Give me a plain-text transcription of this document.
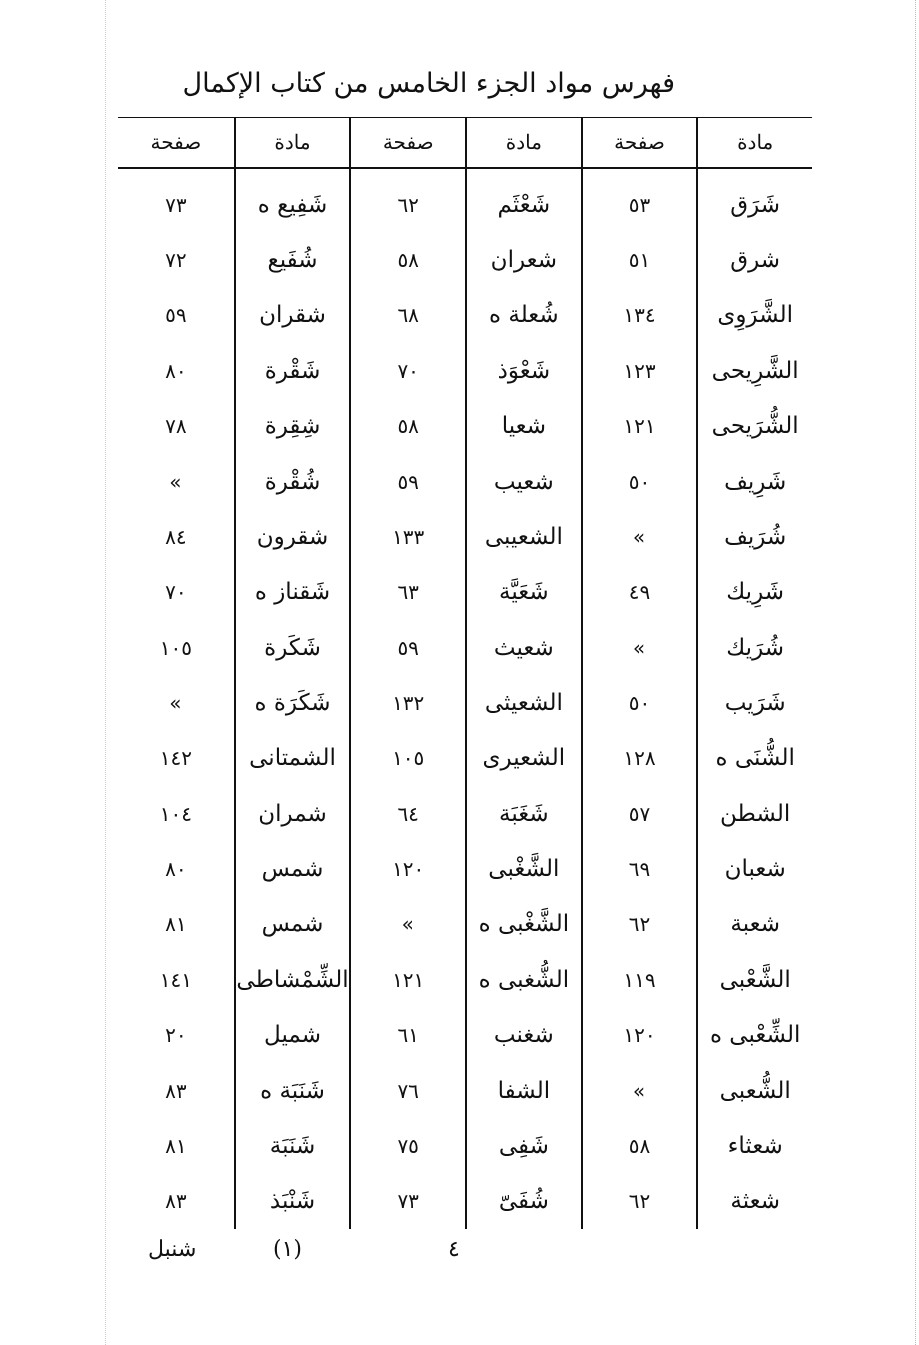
فهرس مواد الجزء الخامس من كتاب الإكمال
مادة
شَرَق
شرق
الشَّرَوِى
الشَّرِيحى
الشُّرَيحى
شَرِيف
شُرَيف
شَرِيك
شُرَيك
شَرَيب
الشُّنَى ه
الشطن
شعبان
شعبة
الشَّعْبى
الشِّعْبى ه
الشُّعبى
شعثاء
شعثة
صفحة
٥٣
٥١
١٣٤
١٢٣
١٢١
٥٠
»
٤٩
»
٥٠
١٢٨
٥٧
٦٩
٦٢
١١٩
١٢٠
»
٥٨
٦٢
مادة
شَعْثَم
شعران
شُعلة ه
شَعْوَذ
شعيا
شعيب
الشعيبى
شَعَيَّة
شعيث
الشعيثى
الشعيرى
شَغَبَة
الشَّغْبى
الشَّغْبى ه
الشُّغبى ه
شغنب
الشفا
شَفِى
شُفَىّ
صفحة
٦٢
٥٨
٦٨
٧٠
٥٨
٥٩
١٣٣
٦٣
٥٩
١٣٢
١٠٥
٦٤
١٢٠
»
١٢١
٦١
٧٦
٧٥
٧٣
مادة
شَفِيع ه
شُفَيع
شقران
شَقْرة
شِقِرة
شُقْرة
شقرون
شَقناز ه
شَكَرة
شَكَرَة ه
الشمتانى
شمران
شمس
شمس
الشِّمْشاطى
شميل
شَنَبَة ه
شَنَبَة
شَنْبَذ
صفحة
٧٣
٧٢
٥٩
٨٠
٧٨
»
٨٤
٧٠
١٠٥
»
١٤٢
١٠٤
٨٠
٨١
١٤١
٢٠
٨٣
٨١
٨٣
٤
(١)
شنبل
